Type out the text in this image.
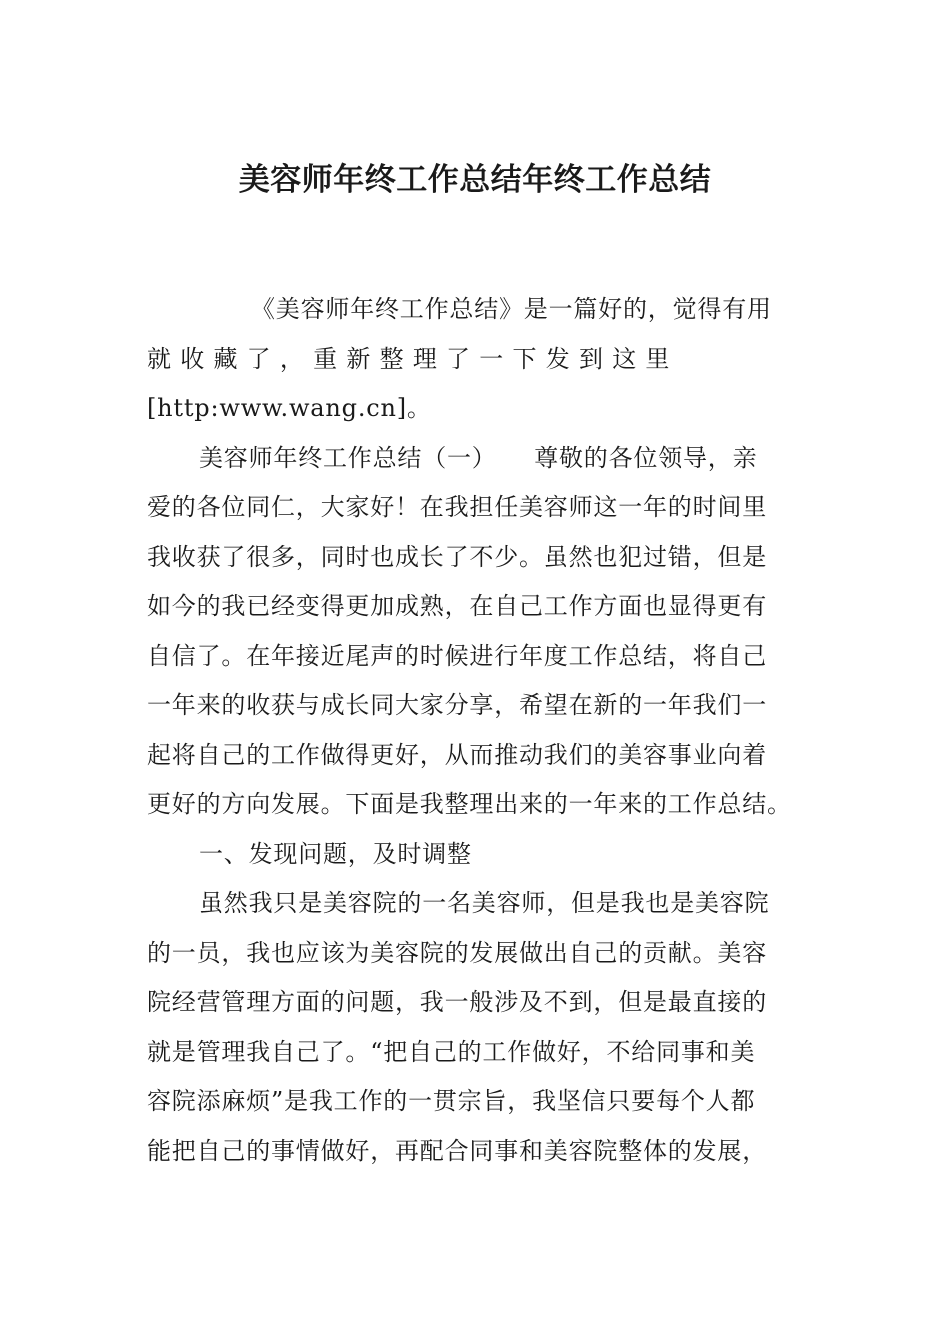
美容师年终工作总结年终工作总结

《美容师年终工作总结》是一篇好的，觉得有用
就 收 藏 了 ， 重 新 整 理 了 一 下 发 到 这 里
[http:www.wang.cn]。

美容师年终工作总结（一）　　尊敬的各位领导，亲
爱的各位同仁，大家好！在我担任美容师这一年的时间里
我收获了很多，同时也成长了不少。虽然也犯过错，但是
如今的我已经变得更加成熟，在自己工作方面也显得更有
自信了。在年接近尾声的时候进行年度工作总结，将自己
一年来的收获与成长同大家分享，希望在新的一年我们一
起将自己的工作做得更好，从而推动我们的美容事业向着
更好的方向发展。下面是我整理出来的一年来的工作总结。

一、发现问题，及时调整

虽然我只是美容院的一名美容师，但是我也是美容院
的一员，我也应该为美容院的发展做出自己的贡献。美容
院经营管理方面的问题，我一般涉及不到，但是最直接的
就是管理我自己了。“把自己的工作做好，不给同事和美
容院添麻烦”是我工作的一贯宗旨，我坚信只要每个人都
能把自己的事情做好，再配合同事和美容院整体的发展，
